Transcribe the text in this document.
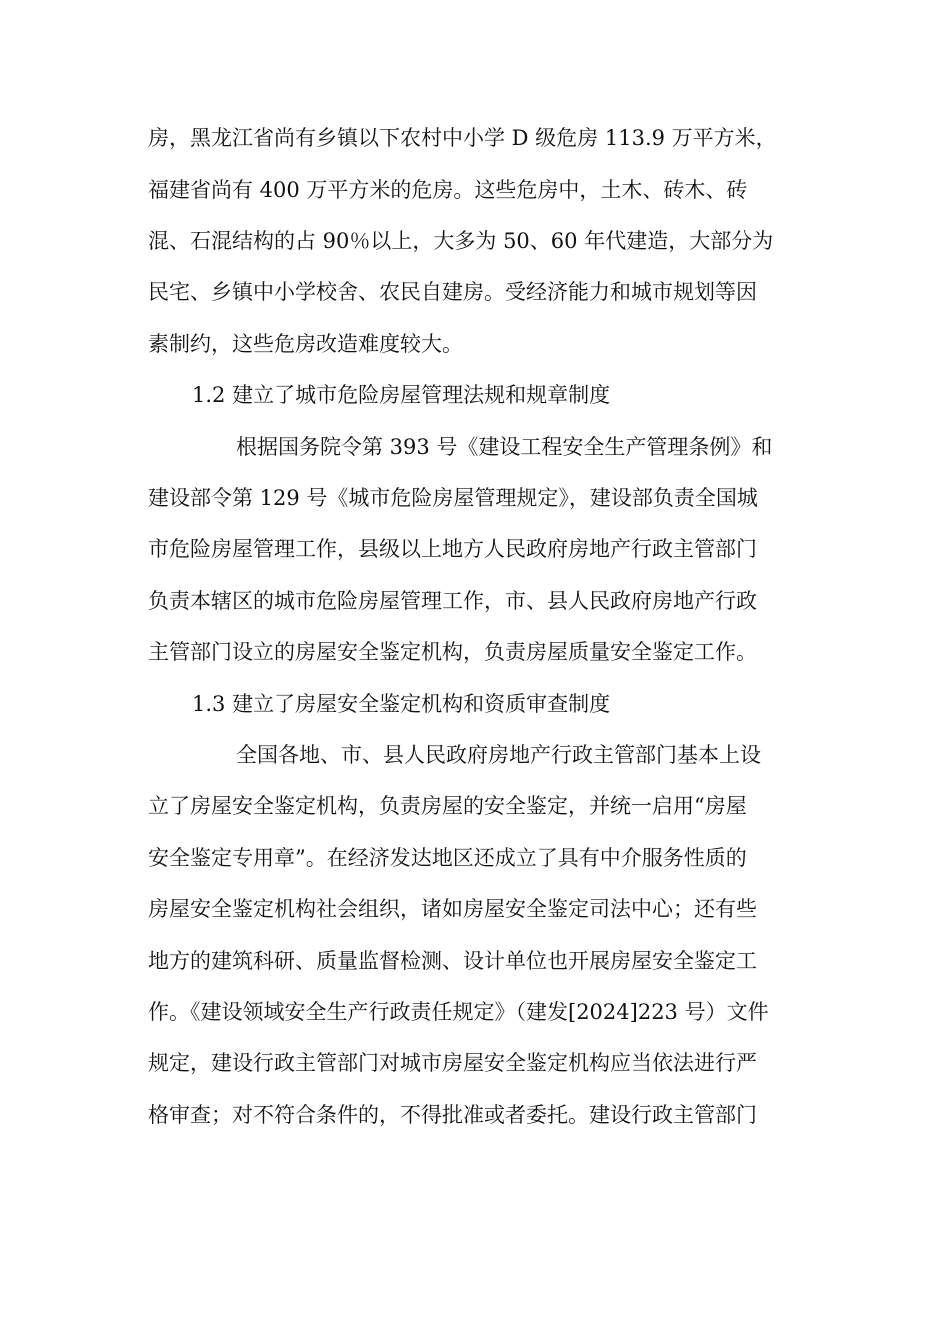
房，黑龙江省尚有乡镇以下农村中小学 D 级危房 113.9 万平方米，
福建省尚有 400 万平方米的危房。这些危房中，土木、砖木、砖
混、石混结构的占 90％以上，大多为 50、60 年代建造，大部分为
民宅、乡镇中小学校舍、农民自建房。受经济能力和城市规划等因
素制约，这些危房改造难度较大。
1.2 建立了城市危险房屋管理法规和规章制度
根据国务院令第 393 号《建设工程安全生产管理条例》和
建设部令第 129 号《城市危险房屋管理规定》，建设部负责全国城
市危险房屋管理工作，县级以上地方人民政府房地产行政主管部门
负责本辖区的城市危险房屋管理工作，市、县人民政府房地产行政
主管部门设立的房屋安全鉴定机构，负责房屋质量安全鉴定工作。
1.3 建立了房屋安全鉴定机构和资质审查制度
全国各地、市、县人民政府房地产行政主管部门基本上设
立了房屋安全鉴定机构，负责房屋的安全鉴定，并统一启用“房屋
安全鉴定专用章”。在经济发达地区还成立了具有中介服务性质的
房屋安全鉴定机构社会组织，诸如房屋安全鉴定司法中心；还有些
地方的建筑科研、质量监督检测、设计单位也开展房屋安全鉴定工
作。《建设领域安全生产行政责任规定》（建发[2024]223 号）文件
规定，建设行政主管部门对城市房屋安全鉴定机构应当依法进行严
格审查；对不符合条件的，不得批准或者委托。建设行政主管部门
